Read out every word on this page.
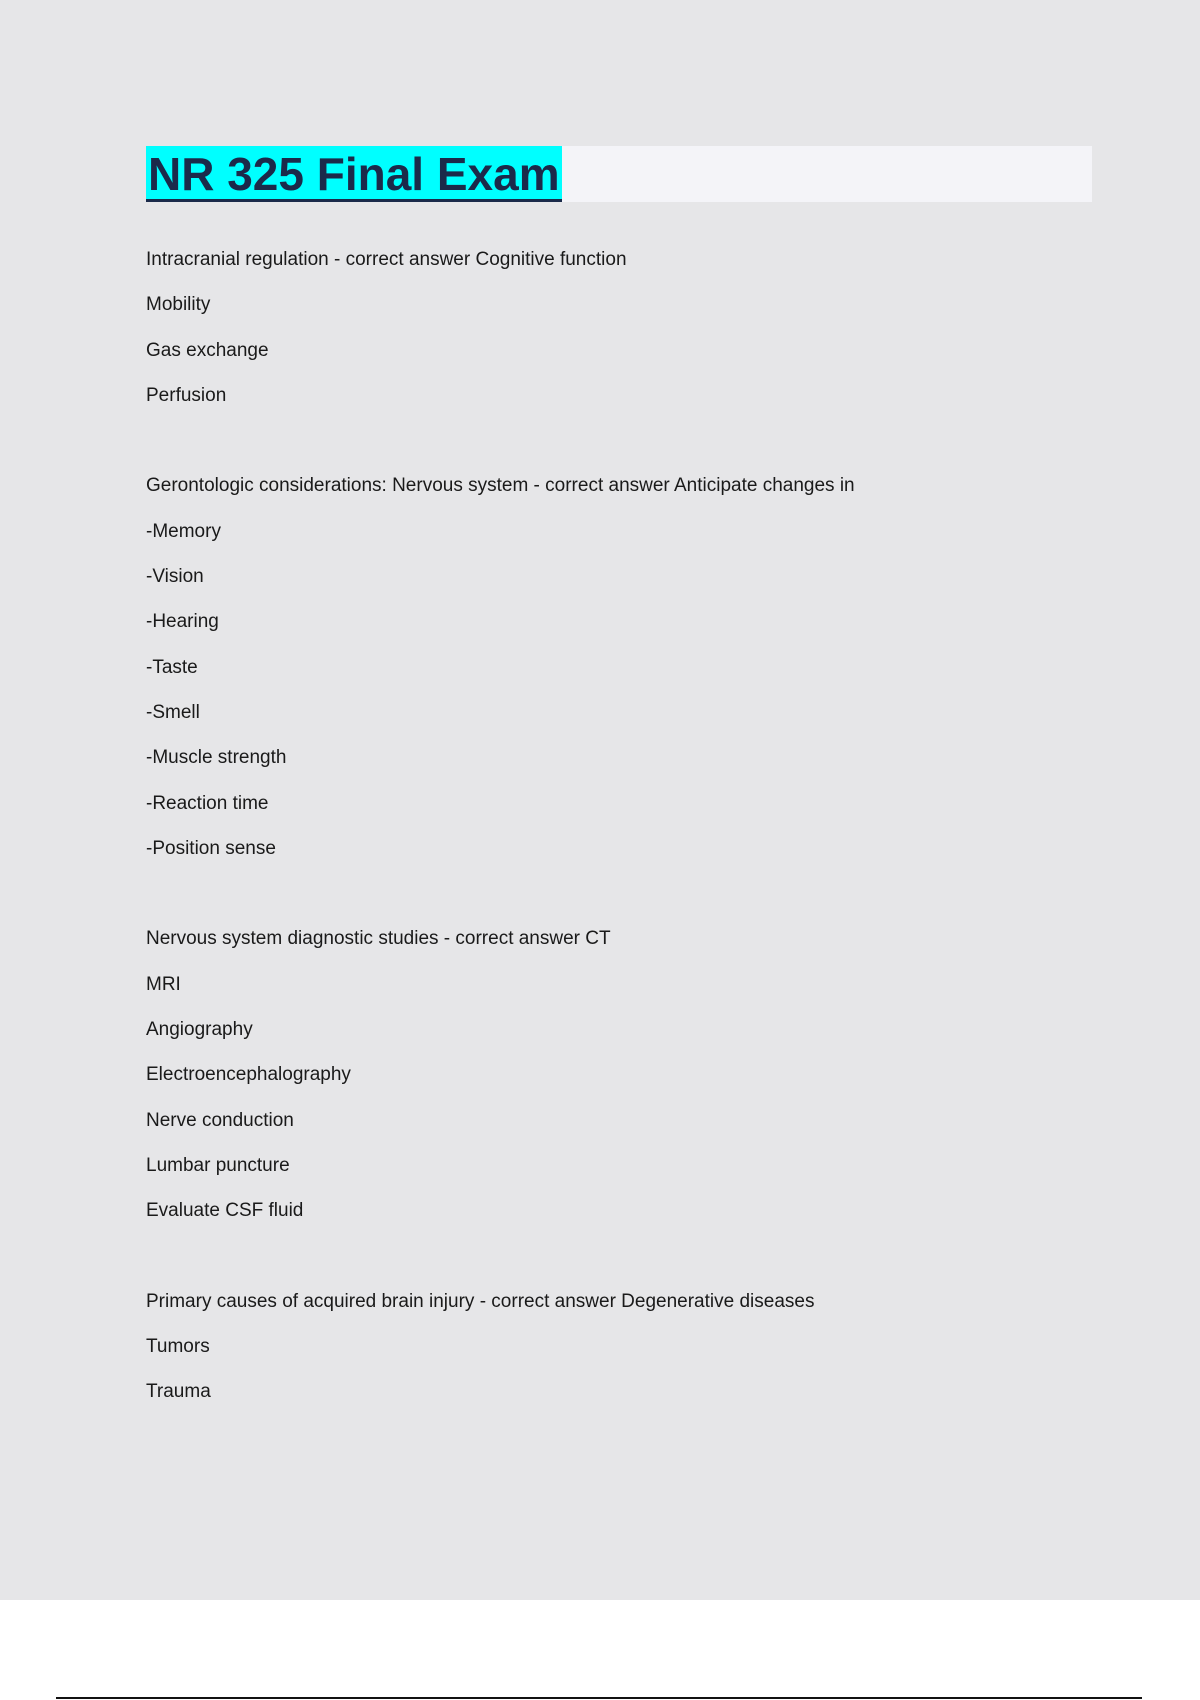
NR 325 Final Exam
Intracranial regulation - correct answer Cognitive function
Mobility
Gas exchange
Perfusion
Gerontologic considerations: Nervous system - correct answer Anticipate changes in
-Memory
-Vision
-Hearing
-Taste
-Smell
-Muscle strength
-Reaction time
-Position sense
Nervous system diagnostic studies - correct answer CT
MRI
Angiography
Electroencephalography
Nerve conduction
Lumbar puncture
Evaluate CSF fluid
Primary causes of acquired brain injury - correct answer Degenerative diseases
Tumors
Trauma
